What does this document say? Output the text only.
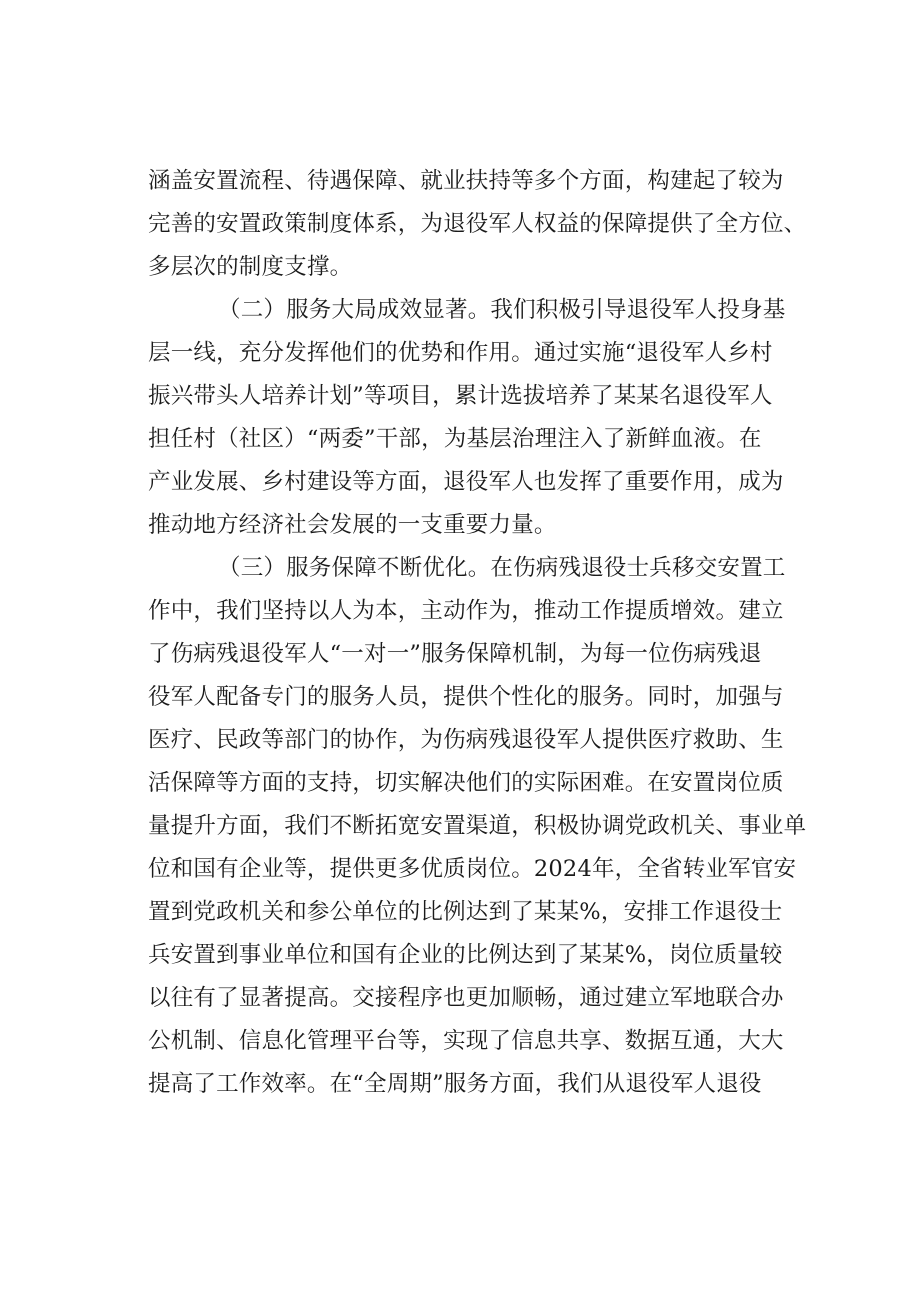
涵盖安置流程、待遇保障、就业扶持等多个方面，构建起了较为
完善的安置政策制度体系，为退役军人权益的保障提供了全方位、
多层次的制度支撑。
（二）服务大局成效显著。我们积极引导退役军人投身基
层一线，充分发挥他们的优势和作用。通过实施“退役军人乡村
振兴带头人培养计划”等项目，累计选拔培养了某某名退役军人
担任村（社区）“两委”干部，为基层治理注入了新鲜血液。在
产业发展、乡村建设等方面，退役军人也发挥了重要作用，成为
推动地方经济社会发展的一支重要力量。
（三）服务保障不断优化。在伤病残退役士兵移交安置工
作中，我们坚持以人为本，主动作为，推动工作提质增效。建立
了伤病残退役军人“一对一”服务保障机制，为每一位伤病残退
役军人配备专门的服务人员，提供个性化的服务。同时，加强与
医疗、民政等部门的协作，为伤病残退役军人提供医疗救助、生
活保障等方面的支持，切实解决他们的实际困难。在安置岗位质
量提升方面，我们不断拓宽安置渠道，积极协调党政机关、事业单
位和国有企业等，提供更多优质岗位。2024年，全省转业军官安
置到党政机关和参公单位的比例达到了某某%，安排工作退役士
兵安置到事业单位和国有企业的比例达到了某某%，岗位质量较
以往有了显著提高。交接程序也更加顺畅，通过建立军地联合办
公机制、信息化管理平台等，实现了信息共享、数据互通，大大
提高了工作效率。在“全周期”服务方面，我们从退役军人退役
